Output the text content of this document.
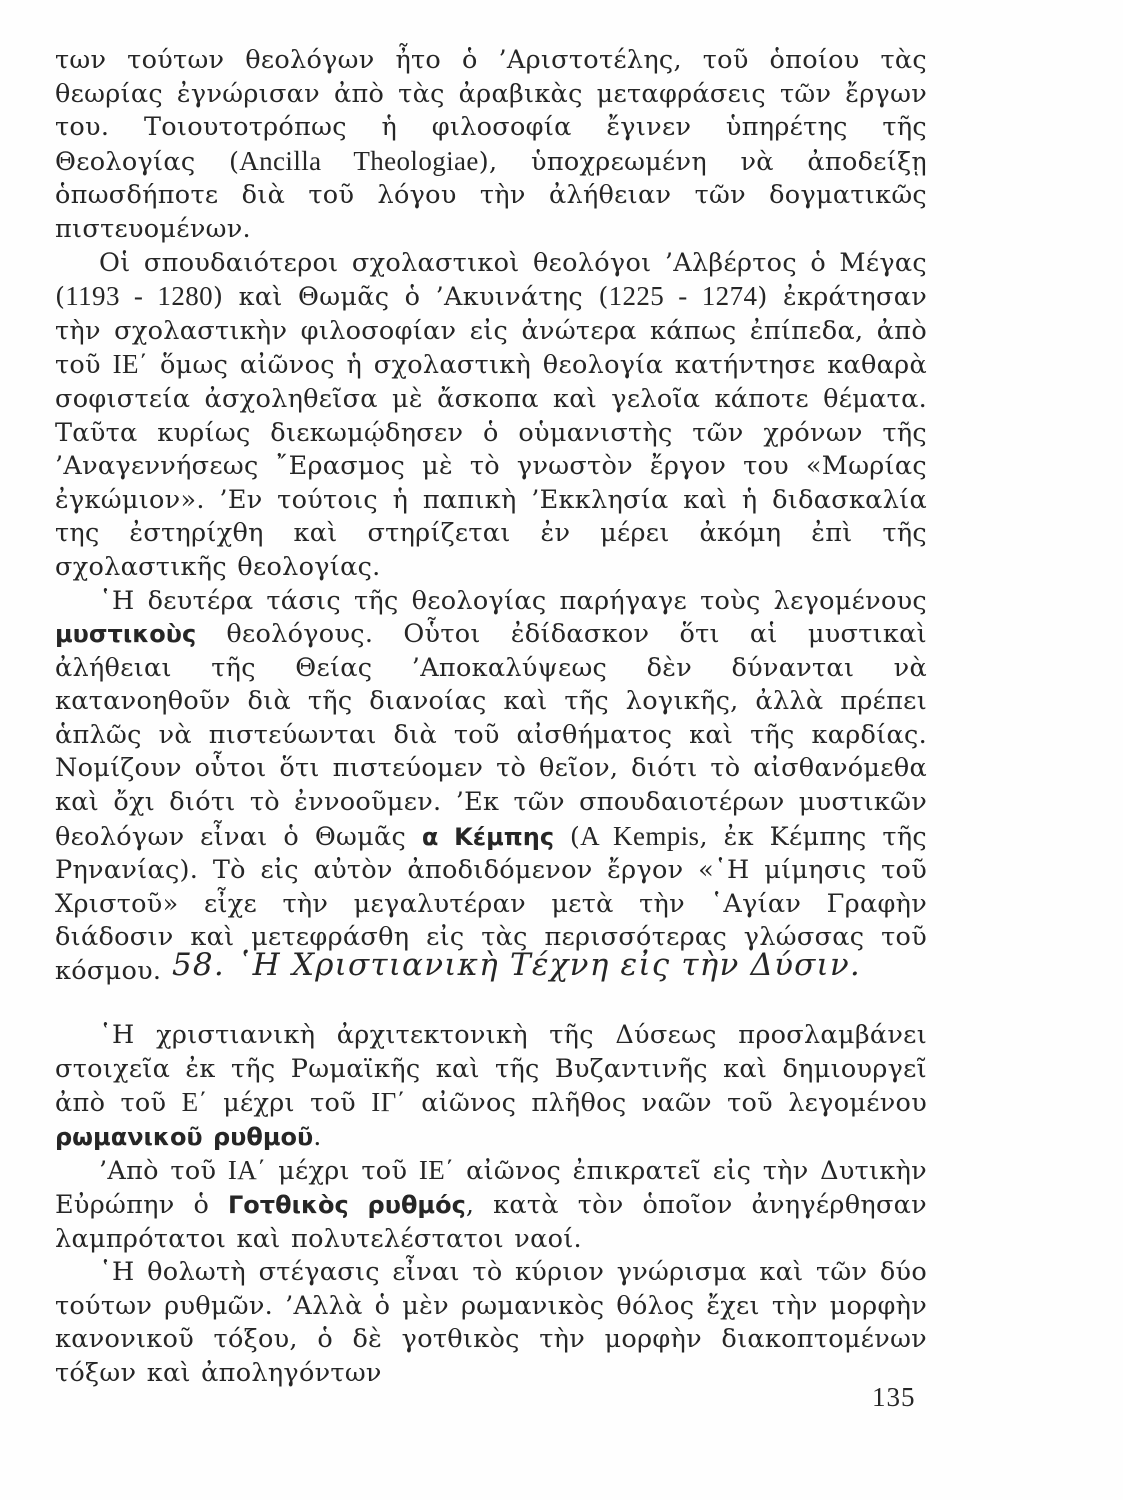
των τούτων θεολόγων ἦτο ὁ ’Αριστοτέλης, τοῦ ὁποίου τὰς θεωρίας ἐγνώρισαν ἀπὸ τὰς ἀραβικὰς μεταφράσεις τῶν ἔργων του. Τοιουτοτρόπως ἡ φιλοσοφία ἔγινεν ὑπηρέτης τῆς Θεολογίας (Ancilla Theologiae), ὑποχρεωμένη νὰ ἀποδείξῃ ὁπωσδήποτε διὰ τοῦ λόγου τὴν ἀλήθειαν τῶν δογματικῶς πιστευομένων.

Οἱ σπουδαιότεροι σχολαστικοὶ θεολόγοι ’Αλβέρτος ὁ Μέγας (1193 - 1280) καὶ Θωμᾶς ὁ ’Ακυινάτης (1225 - 1274) ἐκράτησαν τὴν σχολαστικὴν φιλοσοφίαν εἰς ἀνώτερα κάπως ἐπίπεδα, ἀπὸ τοῦ ΙΕ΄ ὅμως αἰῶνος ἡ σχολαστικὴ θεολογία κατήντησε καθαρὰ σοφιστεία ἀσχοληθεῖσα μὲ ἄσκοπα καὶ γελοῖα κάποτε θέματα. Ταῦτα κυρίως διεκωμῴδησεν ὁ οὑμανιστὴς τῶν χρόνων τῆς ’Αναγεννήσεως ῎Ερασμος μὲ τὸ γνωστὸν ἔργον του «Μωρίας ἐγκώμιον». ’Εν τούτοις ἡ παπικὴ ’Εκκλησία καὶ ἡ διδασκαλία της ἐστηρίχθη καὶ στηρίζεται ἐν μέρει ἀκόμη ἐπὶ τῆς σχολαστικῆς θεολογίας.

῾Η δευτέρα τάσις τῆς θεολογίας παρήγαγε τοὺς λεγομένους μυστικοὺς θεολόγους. Οὗτοι ἐδίδασκον ὅτι αἱ μυστικαὶ ἀλήθειαι τῆς Θείας ’Αποκαλύψεως δὲν δύνανται νὰ κατανοηθοῦν διὰ τῆς διανοίας καὶ τῆς λογικῆς, ἀλλὰ πρέπει ἁπλῶς νὰ πιστεύωνται διὰ τοῦ αἰσθήματος καὶ τῆς καρδίας. Νομίζουν οὗτοι ὅτι πιστεύομεν τὸ θεῖον, διότι τὸ αἰσθανόμεθα καὶ ὄχι διότι τὸ ἐννοοῦμεν. ’Εκ τῶν σπουδαιοτέρων μυστικῶν θεολόγων εἶναι ὁ Θωμᾶς α Κέμπης (A Kempis, ἐκ Κέμπης τῆς Ρηνανίας). Τὸ εἰς αὐτὸν ἀποδιδόμενον ἔργον «῾Η μίμησις τοῦ Χριστοῦ» εἶχε τὴν μεγαλυτέραν μετὰ τὴν ῾Αγίαν Γραφὴν διάδοσιν καὶ μετεφράσθη εἰς τὰς περισσότερας γλώσσας τοῦ κόσμου. 58. ῾Η Χριστιανικὴ Τέχνη εἰς τὴν Δύσιν.

῾Η χριστιανικὴ ἀρχιτεκτονικὴ τῆς Δύσεως προσλαμβάνει στοιχεῖα ἐκ τῆς Ρωμαϊκῆς καὶ τῆς Βυζαντινῆς καὶ δημιουργεῖ ἀπὸ τοῦ Ε΄ μέχρι τοῦ ΙΓ΄ αἰῶνος πλῆθος ναῶν τοῦ λεγομένου ρωμανικοῦ ρυθμοῦ.

’Απὸ τοῦ ΙΑ΄ μέχρι τοῦ ΙΕ΄ αἰῶνος ἐπικρατεῖ εἰς τὴν Δυτικὴν Εὐρώπην ὁ Γοτθικὸς ρυθμός, κατὰ τὸν ὁποῖον ἀνηγέρθησαν λαμπρότατοι καὶ πολυτελέστατοι ναοί.

῾Η θολωτὴ στέγασις εἶναι τὸ κύριον γνώρισμα καὶ τῶν δύο τούτων ρυθμῶν. ’Αλλὰ ὁ μὲν ρωμανικὸς θόλος ἔχει τὴν μορφὴν κανονικοῦ τόξου, ὁ δὲ γοτθικὸς τὴν μορφὴν διακοπτομένων τόξων καὶ ἀποληγόντων

135
